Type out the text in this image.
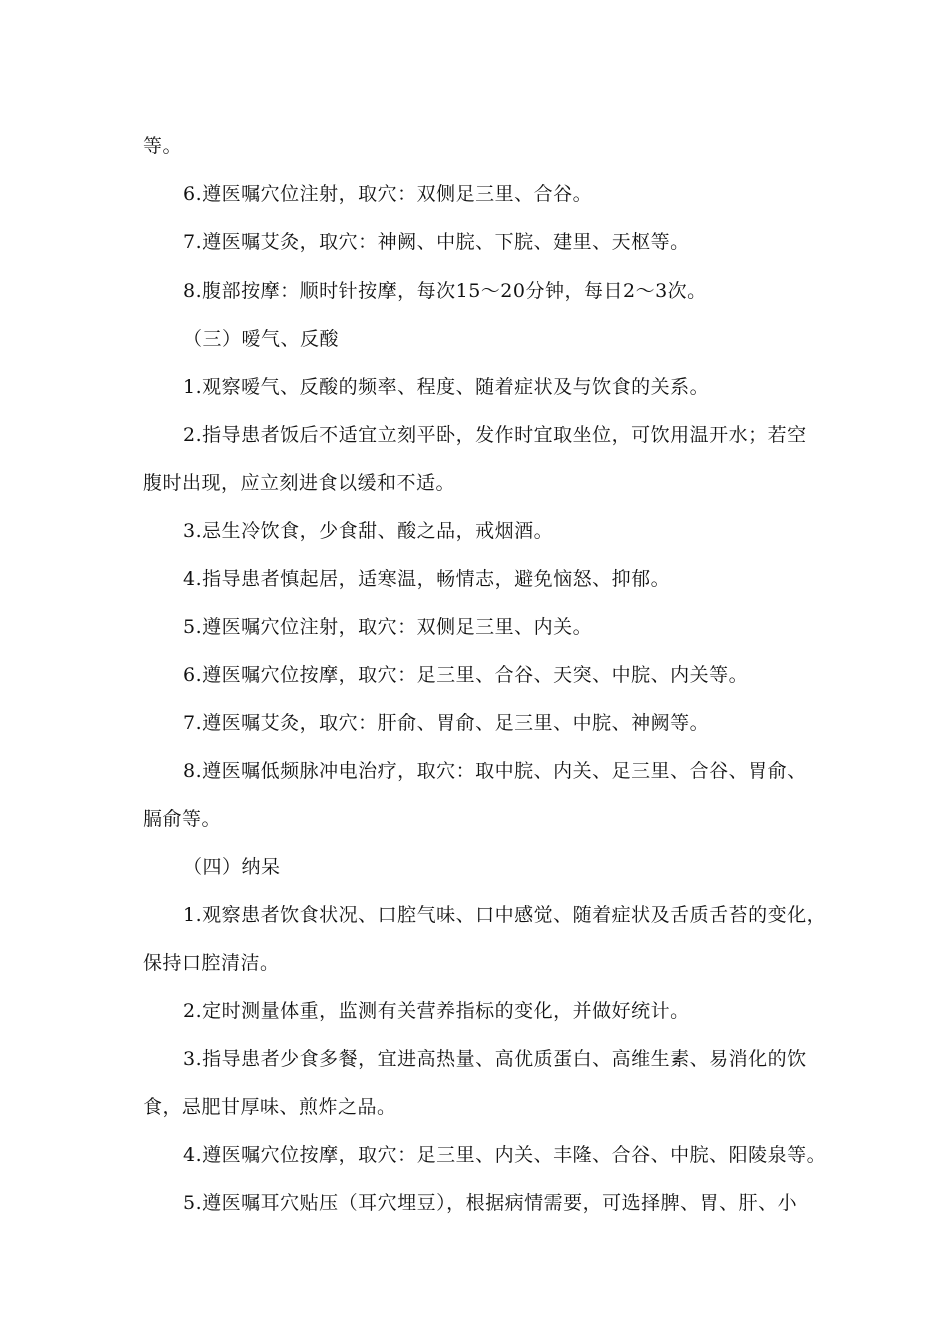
等。
6.遵医嘱穴位注射，取穴：双侧足三里、合谷。
7.遵医嘱艾灸，取穴：神阙、中脘、下脘、建里、天枢等。
8.腹部按摩：顺时针按摩，每次15～20分钟，每日2～3次。
（三）嗳气、反酸
1.观察嗳气、反酸的频率、程度、随着症状及与饮食的关系。
2.指导患者饭后不适宜立刻平卧，发作时宜取坐位，可饮用温开水；若空
腹时出现，应立刻进食以缓和不适。
3.忌生冷饮食，少食甜、酸之品，戒烟酒。
4.指导患者慎起居，适寒温，畅情志，避免恼怒、抑郁。
5.遵医嘱穴位注射，取穴：双侧足三里、内关。
6.遵医嘱穴位按摩，取穴：足三里、合谷、天突、中脘、内关等。
7.遵医嘱艾灸，取穴：肝俞、胃俞、足三里、中脘、神阙等。
8.遵医嘱低频脉冲电治疗，取穴：取中脘、内关、足三里、合谷、胃俞、
膈俞等。
（四）纳呆
1.观察患者饮食状况、口腔气味、口中感觉、随着症状及舌质舌苔的变化，
保持口腔清洁。
2.定时测量体重，监测有关营养指标的变化，并做好统计。
3.指导患者少食多餐，宜进高热量、高优质蛋白、高维生素、易消化的饮
食，忌肥甘厚味、煎炸之品。
4.遵医嘱穴位按摩，取穴：足三里、内关、丰隆、合谷、中脘、阳陵泉等。
5.遵医嘱耳穴贴压（耳穴埋豆），根据病情需要，可选择脾、胃、肝、小
